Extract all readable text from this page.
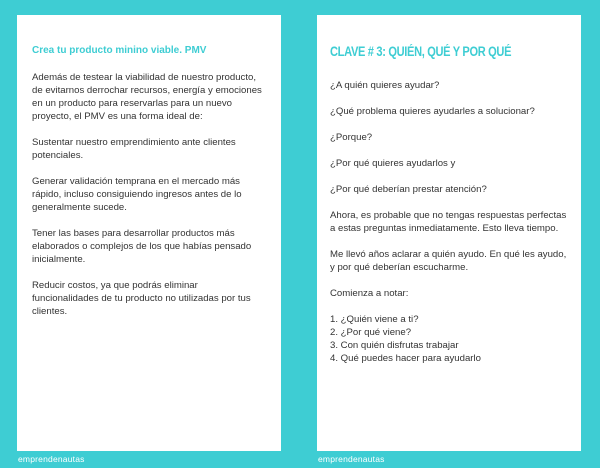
Crea tu producto minino viable. PMV

Además de testear la viabilidad de nuestro producto, de evitarnos derrochar recursos, energía y emociones en un producto para reservarlas para un nuevo proyecto, el PMV es una forma ideal de:

Sustentar nuestro emprendimiento ante clientes potenciales.

Generar validación temprana en el mercado más rápido, incluso consiguiendo ingresos antes de lo generalmente sucede.

Tener las bases para desarrollar productos más elaborados o complejos de los que habías pensado inicialmente.

Reducir costos, ya que podrás eliminar funcionalidades de tu producto no utilizadas por tus clientes.

CLAVE # 3: QUIÉN, QUÉ Y POR QUÉ

¿A quién quieres ayudar?

¿Qué problema quieres ayudarles a solucionar?

¿Porque?

¿Por qué quieres ayudarlos y

¿Por qué deberían prestar atención?

Ahora, es probable que no tengas respuestas perfectas a estas preguntas inmediatamente. Esto lleva tiempo.

Me llevó años aclarar a quién ayudo. En qué les ayudo, y por qué deberían escucharme.

Comienza a notar:

1. ¿Quién viene a ti?
2. ¿Por qué viene?
3. Con quién disfrutas trabajar
4. Qué puedes hacer para ayudarlo
emprendenautas	emprendenautas
